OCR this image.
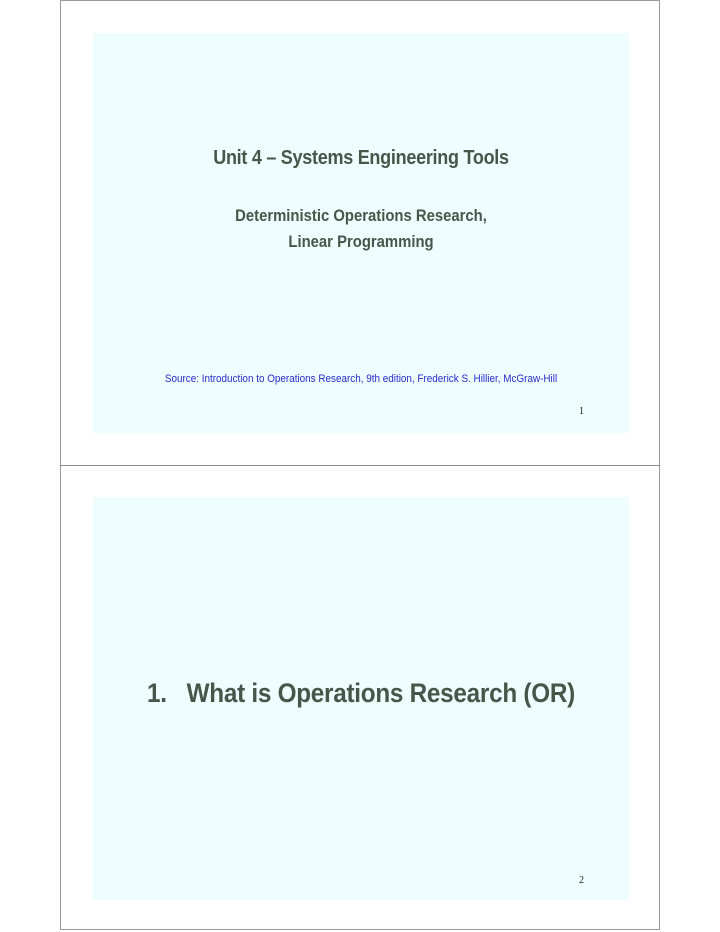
Unit 4 – Systems Engineering Tools
Deterministic Operations Research,
Linear Programming
Source: Introduction to Operations Research, 9th edition, Frederick S. Hillier, McGraw-Hill
1
1. What is Operations Research (OR)
2
